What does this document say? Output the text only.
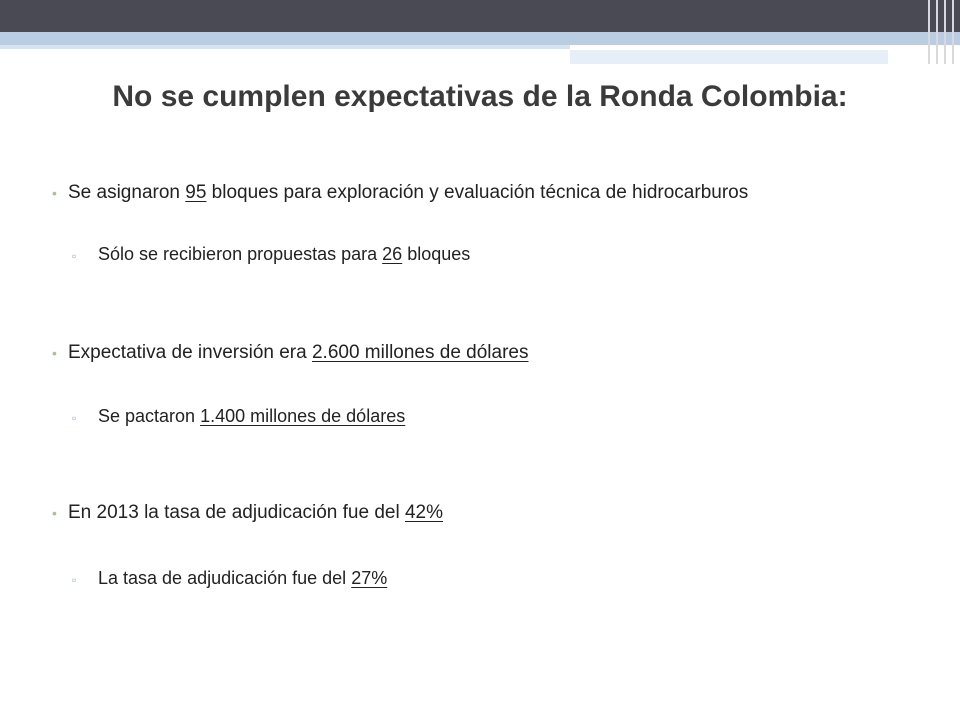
No se cumplen expectativas de la Ronda Colombia:
• Se asignaron 95 bloques para exploración y evaluación técnica de hidrocarburos
▫	Sólo se recibieron propuestas para 26 bloques
• Expectativa de inversión era 2.600 millones de dólares
▫	Se pactaron 1.400 millones de dólares
• En 2013 la tasa de adjudicación fue del 42%
▫	La tasa de adjudicación fue del 27%
